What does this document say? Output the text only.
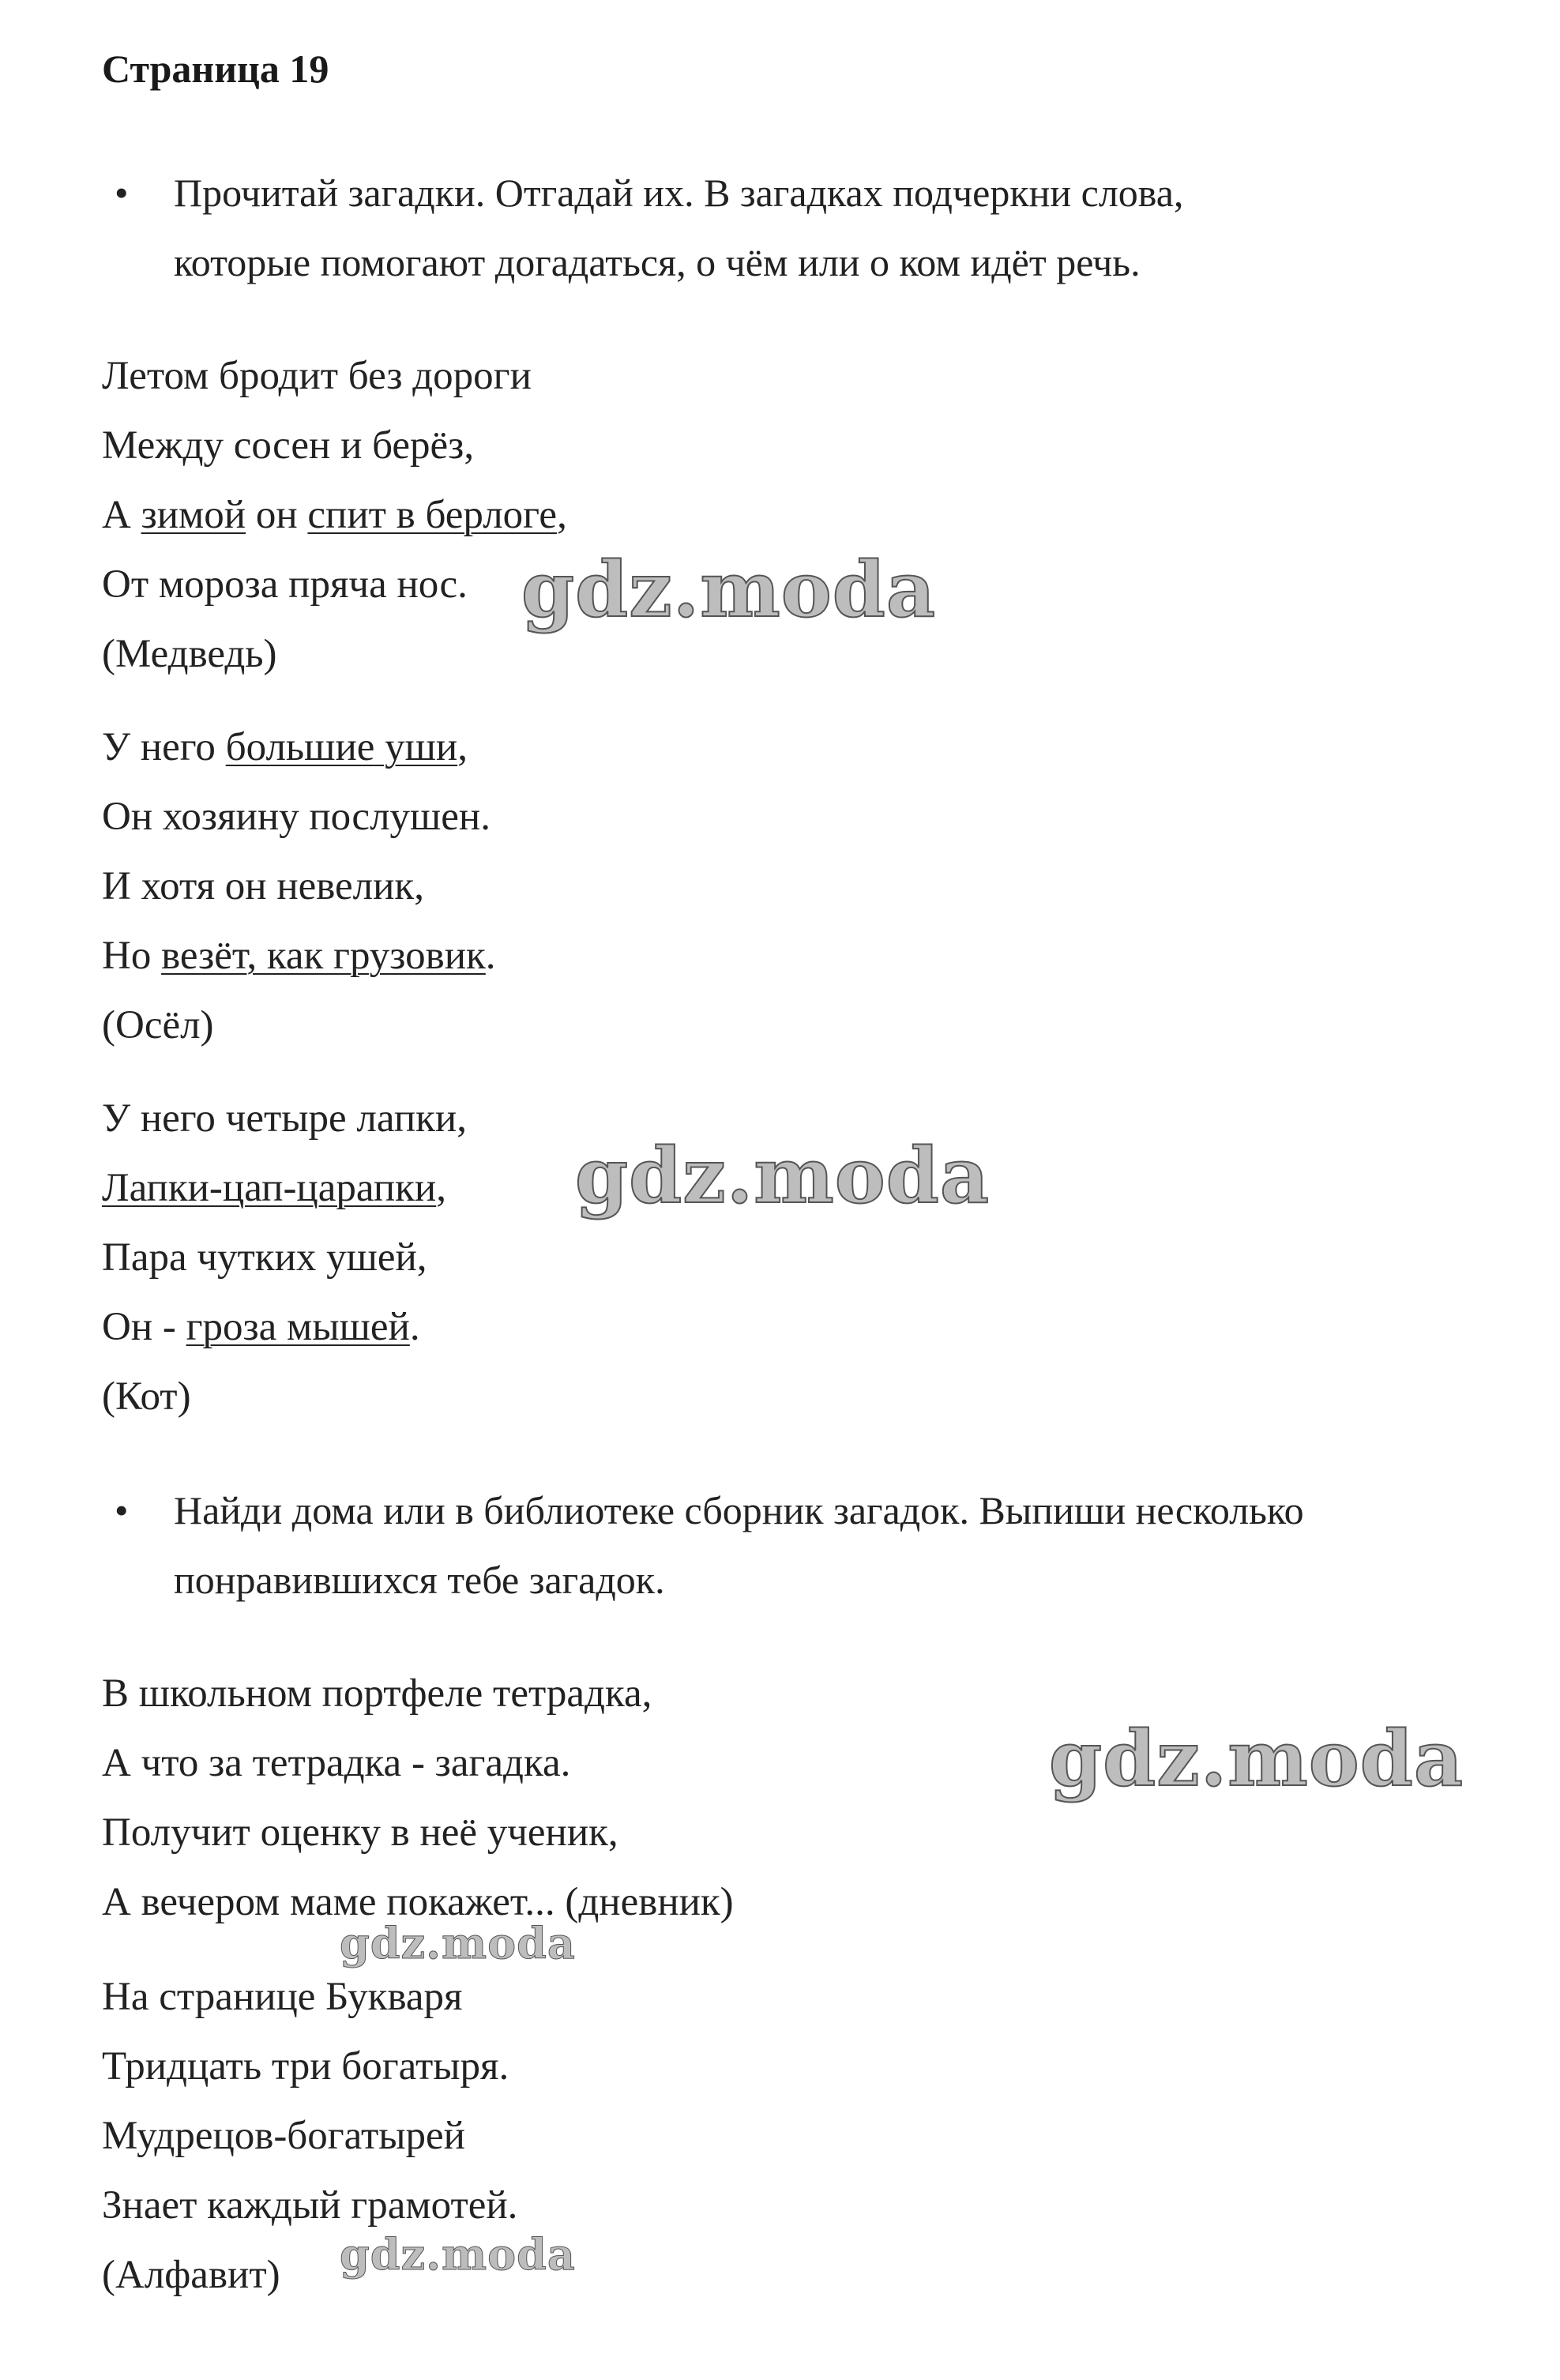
Страница 19
•	Прочитай загадки. Отгадай их. В загадках подчеркни слова,
которые помогают догадаться, о чём или о ком идёт речь.
Летом бродит без дороги
Между сосен и берёз,
А зимой он спит в берлоге,
От мороза пряча нос.
(Медведь)
У него большие уши,
Он хозяину послушен.
И хотя он невелик,
Но везёт, как грузовик.
(Осёл)
У него четыре лапки,
Лапки-цап-царапки,
Пара чутких ушей,
Он - гроза мышей.
(Кот)
•	Найди дома или в библиотеке сборник загадок. Выпиши несколько
понравившихся тебе загадок.
В школьном портфеле тетрадка,
А что за тетрадка - загадка.
Получит оценку в неё ученик,
А вечером маме покажет... (дневник)
На странице Букваря
Тридцать три богатыря.
Мудрецов-богатырей
Знает каждый грамотей.
(Алфавит)
gdz.moda
gdz.moda
gdz.moda
gdz.moda
gdz.moda
